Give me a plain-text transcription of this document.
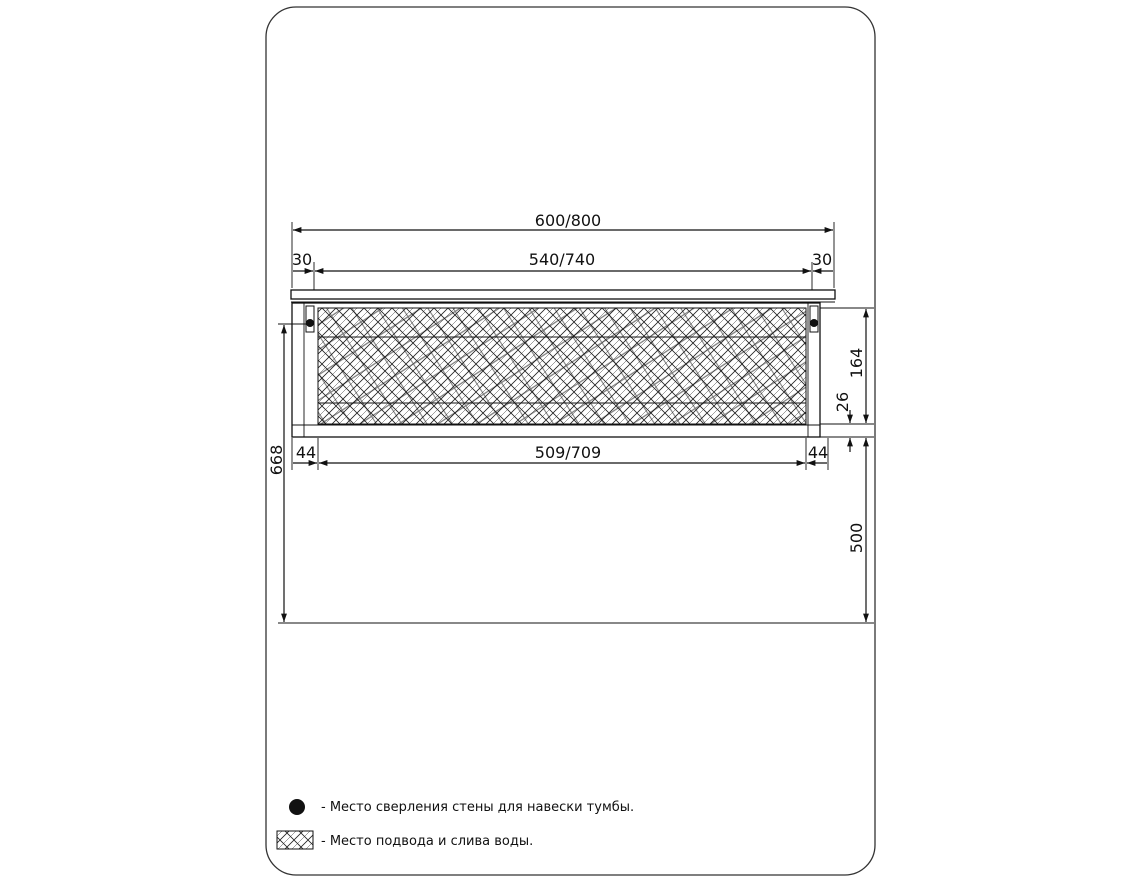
600/800
540/740
30	30
509/709
44	44
668
164
26
500
- Место сверления стены для навески тумбы.
- Место подвода и слива воды.
